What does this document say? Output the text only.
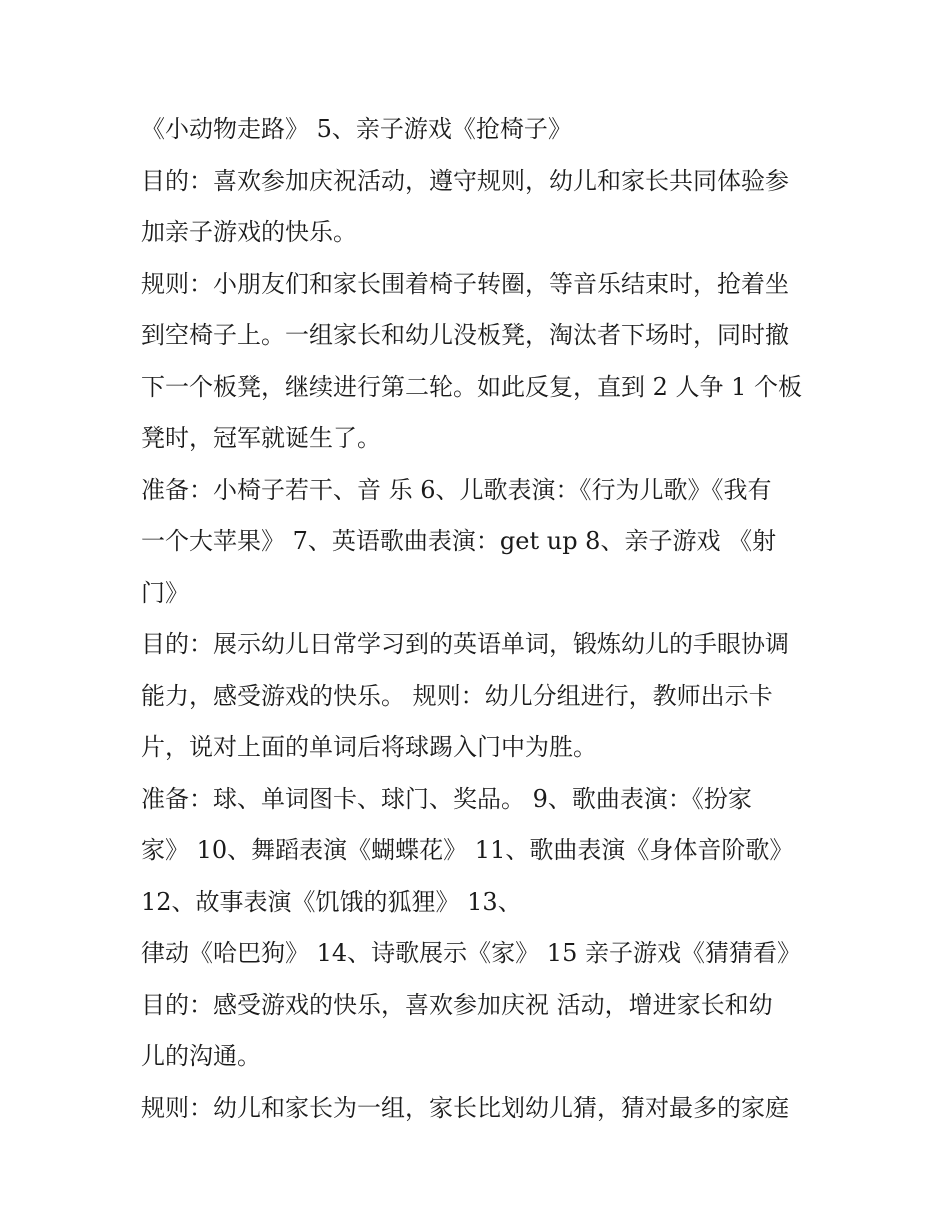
《小动物走路》 5、亲子游戏《抢椅子》
目的：喜欢参加庆祝活动，遵守规则，幼儿和家长共同体验参
加亲子游戏的快乐。
规则：小朋友们和家长围着椅子转圈，等音乐结束时，抢着坐
到空椅子上。一组家长和幼儿没板凳，淘汰者下场时，同时撤
下一个板凳，继续进行第二轮。如此反复，直到 2 人争 1 个板
凳时，冠军就诞生了。
准备：小椅子若干、音 乐 6、儿歌表演：《行为儿歌》《我有
一个大苹果》 7、英语歌曲表演：get up 8、亲子游戏 《射
门》
目的：展示幼儿日常学习到的英语单词，锻炼幼儿的手眼协调
能力，感受游戏的快乐。 规则：幼儿分组进行，教师出示卡
片，说对上面的单词后将球踢入门中为胜。
准备：球、单词图卡、球门、奖品。 9、歌曲表演：《扮家
家》 10、舞蹈表演《蝴蝶花》 11、歌曲表演《身体音阶歌》
12、故事表演《饥饿的狐狸》 13、
律动《哈巴狗》 14、诗歌展示《家》 15 亲子游戏《猜猜看》
目的：感受游戏的快乐，喜欢参加庆祝 活动，增进家长和幼
儿的沟通。
规则：幼儿和家长为一组，家长比划幼儿猜，猜对最多的家庭
